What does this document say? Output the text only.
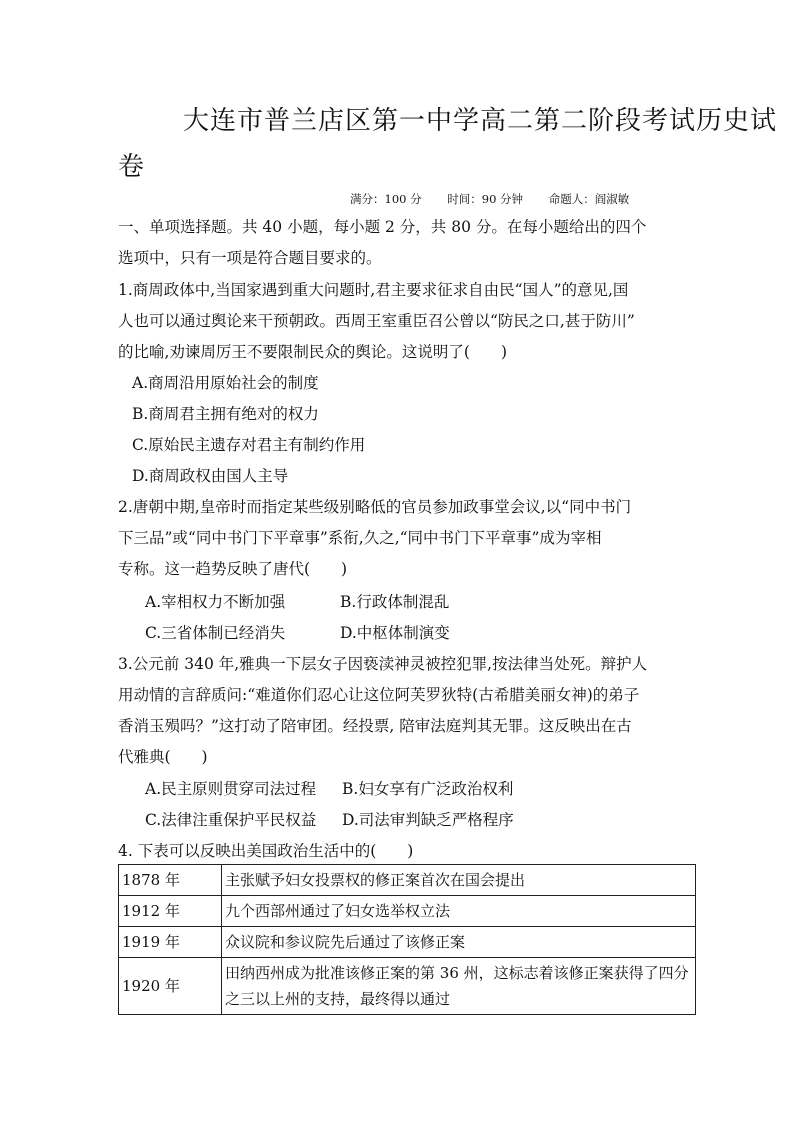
大连市普兰店区第一中学高二第二阶段考试历史试
卷
满分：100 分 时间：90 分钟 命题人：阎淑敏
一、单项选择题。共 40 小题，每小题 2 分，共 80 分。在每小题给出的四个
选项中，只有一项是符合题目要求的。
1.商周政体中,当国家遇到重大问题时,君主要求征求自由民“国人”的意见,国
人也可以通过舆论来干预朝政。西周王室重臣召公曾以“防民之口,甚于防川”
的比喻,劝谏周厉王不要限制民众的舆论。这说明了(　　)
A.商周沿用原始社会的制度
B.商周君主拥有绝对的权力
C.原始民主遗存对君主有制约作用
D.商周政权由国人主导
2.唐朝中期,皇帝时而指定某些级别略低的官员参加政事堂会议,以“同中书门
下三品”或“同中书门下平章事”系衔,久之,“同中书门下平章事”成为宰相
专称。这一趋势反映了唐代(　　)
A.宰相权力不断加强	B.行政体制混乱
C.三省体制已经消失	D.中枢体制演变
3.公元前 340 年,雅典一下层女子因亵渎神灵被控犯罪,按法律当处死。辩护人
用动情的言辞质问:“难道你们忍心让这位阿芙罗狄特(古希腊美丽女神)的弟子
香消玉殒吗？”这打动了陪审团。经投票, 陪审法庭判其无罪。这反映出在古
代雅典(　　)
A.民主原则贯穿司法过程 B.妇女享有广泛政治权利
C.法律注重保护平民权益 D.司法审判缺乏严格程序
4. 下表可以反映出美国政治生活中的(　　)
1878 年	主张赋予妇女投票权的修正案首次在国会提出
1912 年	九个西部州通过了妇女选举权立法
1919 年	众议院和参议院先后通过了该修正案
1920 年	田纳西州成为批准该修正案的第 36 州，这标志着该修正案获得了四分之三以上州的支持，最终得以通过
